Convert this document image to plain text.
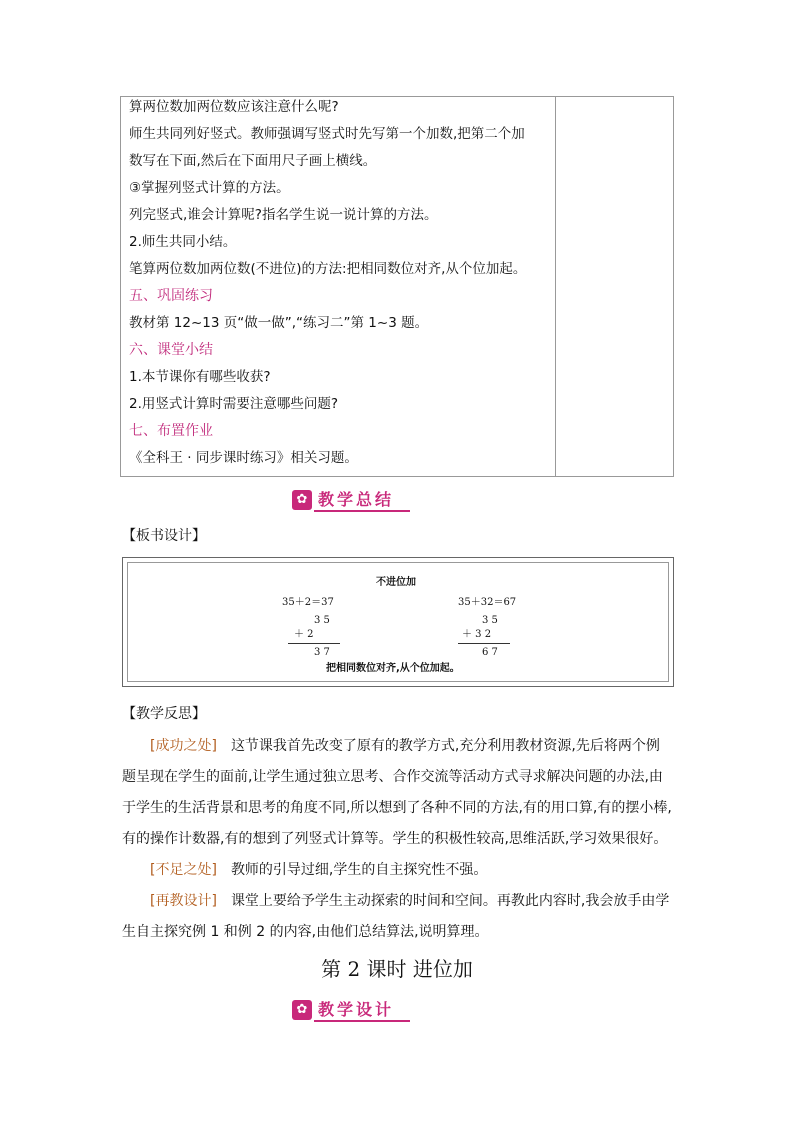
算两位数加两位数应该注意什么呢?
师生共同列好竖式。教师强调写竖式时先写第一个加数,把第二个加
数写在下面,然后在下面用尺子画上横线。
③掌握列竖式计算的方法。
列完竖式,谁会计算呢?指名学生说一说计算的方法。
2.师生共同小结。
笔算两位数加两位数(不进位)的方法:把相同数位对齐,从个位加起。
五、巩固练习
教材第 12~13 页“做一做”,“练习二”第 1~3 题。
六、课堂小结
1.本节课你有哪些收获?
2.用竖式计算时需要注意哪些问题?
七、布置作业
《全科王 · 同步课时练习》相关习题。
✿ 教学总结
【板书设计】
不进位加
35＋2＝37
3 5
＋ 2
3 7
35＋32＝67
3 5
＋ 3 2
6 7
把相同数位对齐,从个位加起。
【教学反思】
[成功之处] 这节课我首先改变了原有的教学方式,充分利用教材资源,先后将两个例
题呈现在学生的面前,让学生通过独立思考、合作交流等活动方式寻求解决问题的办法,由
于学生的生活背景和思考的角度不同,所以想到了各种不同的方法,有的用口算,有的摆小棒,
有的操作计数器,有的想到了列竖式计算等。学生的积极性较高,思维活跃,学习效果很好。
[不足之处] 教师的引导过细,学生的自主探究性不强。
[再教设计] 课堂上要给予学生主动探索的时间和空间。再教此内容时,我会放手由学
生自主探究例 1 和例 2 的内容,由他们总结算法,说明算理。
第 2 课时 进位加
✿ 教学设计
